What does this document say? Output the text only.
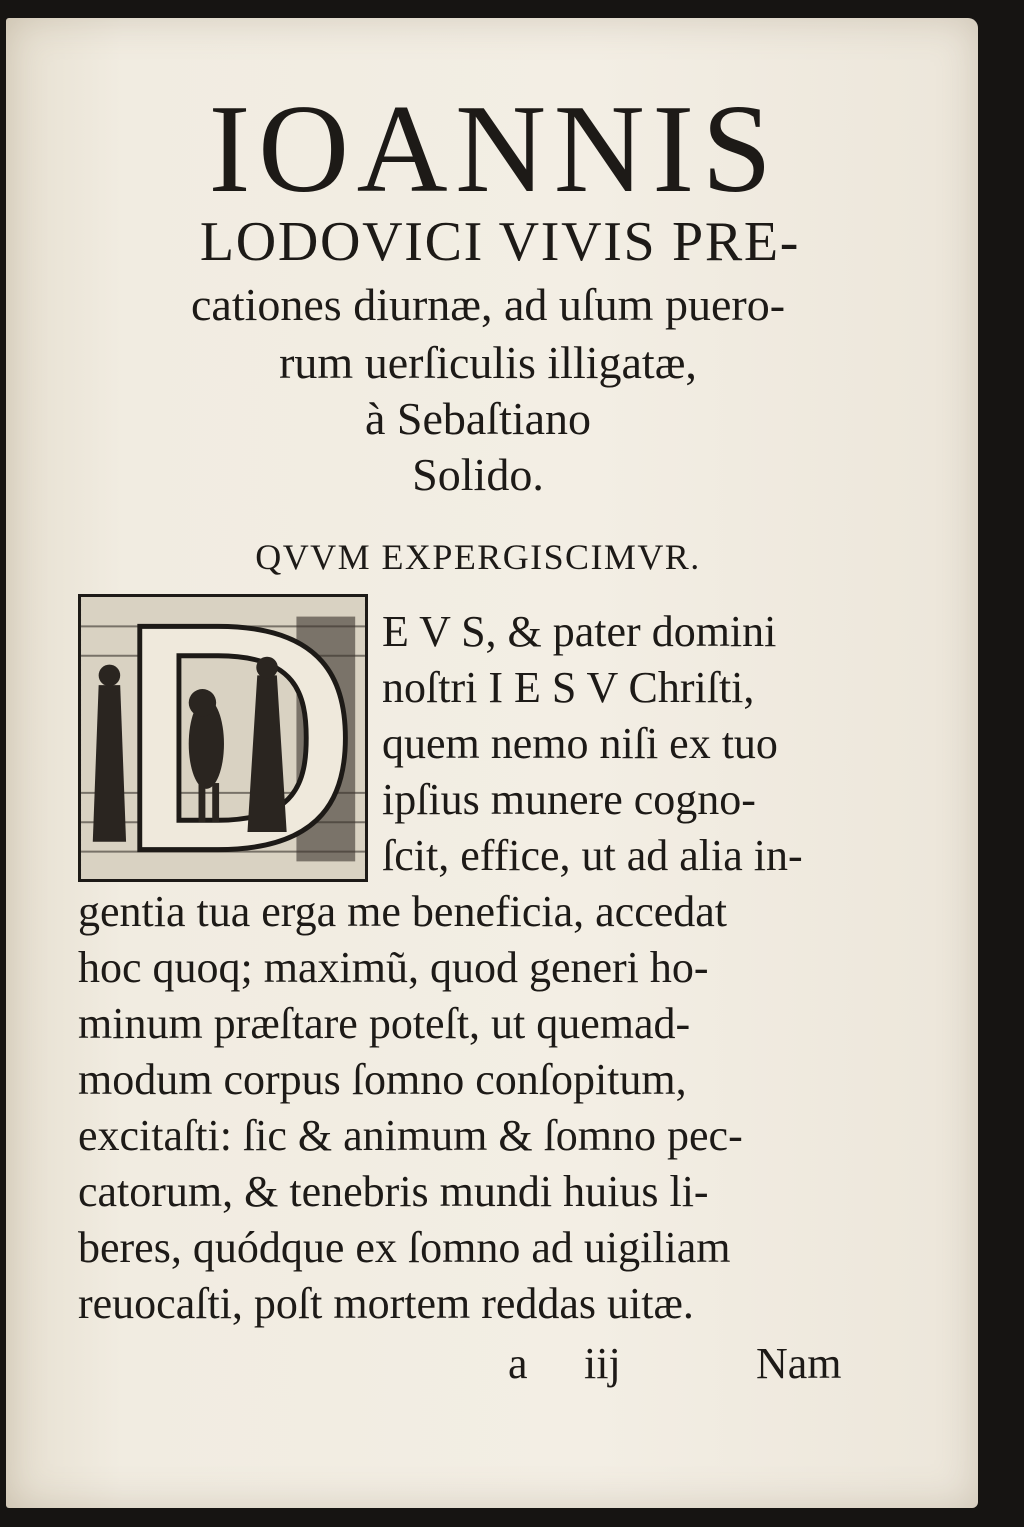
IOANNIS
LODOVICI VIVIS PRE-
cationes diurnæ, ad uſum puero-
rum uerſiculis illigatæ,
à Sebaſtiano
Solido.
QVVM EXPERGISCIMVR.
E V S, & pater domini
noſtri I E S V Chriſti,
quem nemo niſi ex tuo
ipſius munere cogno-
ſcit, effice, ut ad alia in-
gentia tua erga me beneficia, accedat
hoc quoq; maximũ, quod generi ho-
minum præſtare poteſt, ut quemad-
modum corpus ſomno conſopitum,
excitaſti: ſic & animum & ſomno pec-
catorum, & tenebris mundi huius li-
beres, quódque ex ſomno ad uigiliam
reuocaſti, poſt mortem reddas uitæ.
a	iij	Nam
